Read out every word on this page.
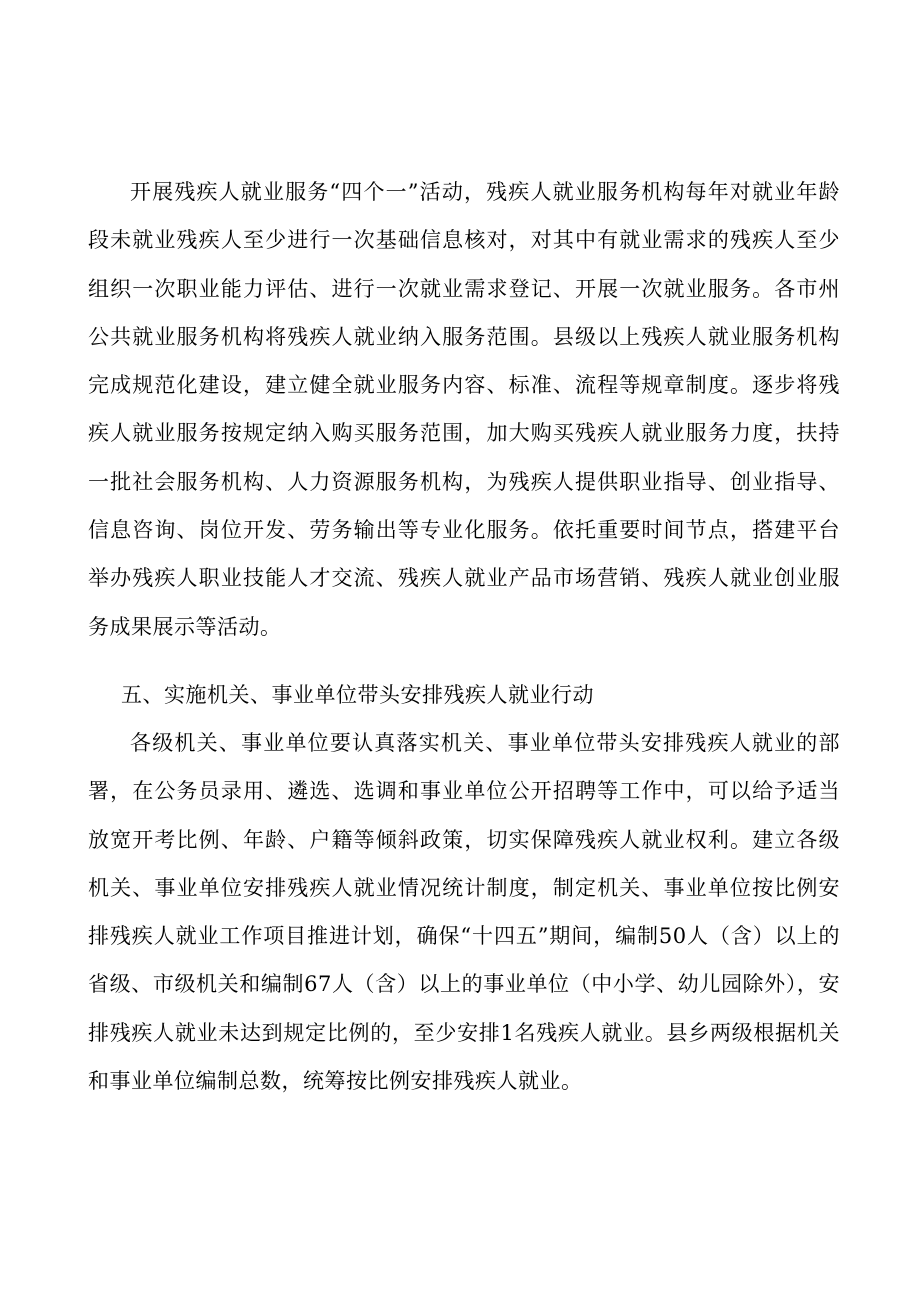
开展残疾人就业服务“四个一”活动，残疾人就业服务机构每年对就业年龄段未就业残疾人至少进行一次基础信息核对，对其中有就业需求的残疾人至少组织一次职业能力评估、进行一次就业需求登记、开展一次就业服务。各市州公共就业服务机构将残疾人就业纳入服务范围。县级以上残疾人就业服务机构完成规范化建设，建立健全就业服务内容、标准、流程等规章制度。逐步将残疾人就业服务按规定纳入购买服务范围，加大购买残疾人就业服务力度，扶持一批社会服务机构、人力资源服务机构，为残疾人提供职业指导、创业指导、信息咨询、岗位开发、劳务输出等专业化服务。依托重要时间节点，搭建平台举办残疾人职业技能人才交流、残疾人就业产品市场营销、残疾人就业创业服务成果展示等活动。

五、实施机关、事业单位带头安排残疾人就业行动

各级机关、事业单位要认真落实机关、事业单位带头安排残疾人就业的部署，在公务员录用、遴选、选调和事业单位公开招聘等工作中，可以给予适当放宽开考比例、年龄、户籍等倾斜政策，切实保障残疾人就业权利。建立各级机关、事业单位安排残疾人就业情况统计制度，制定机关、事业单位按比例安排残疾人就业工作项目推进计划，确保“十四五”期间，编制50人（含）以上的省级、市级机关和编制67人（含）以上的事业单位（中小学、幼儿园除外），安排残疾人就业未达到规定比例的，至少安排1名残疾人就业。县乡两级根据机关和事业单位编制总数，统筹按比例安排残疾人就业。
